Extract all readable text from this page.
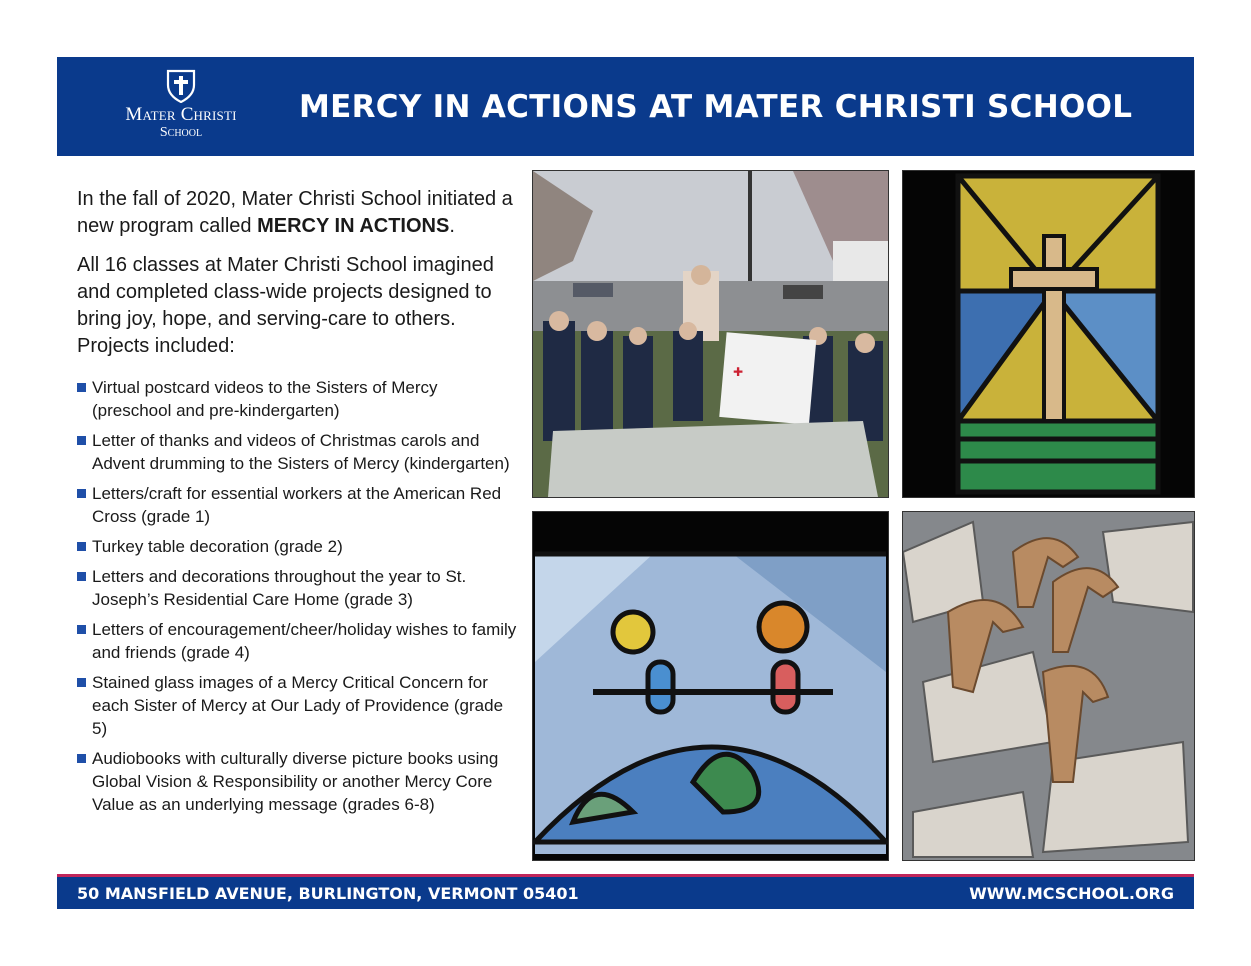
Mater Christi
School
MERCY IN ACTIONS AT MATER CHRISTI SCHOOL

In the fall of 2020, Mater Christi School initiated a new program called MERCY IN ACTIONS.

All 16 classes at Mater Christi School imagined and completed class-wide projects designed to bring joy, hope, and serving-care to others. Projects included:

Virtual postcard videos to the Sisters of Mercy (preschool and pre-kindergarten)
Letter of thanks and videos of Christmas carols and Advent drumming to the Sisters of Mercy (kindergarten)
Letters/craft for essential workers at the American Red Cross (grade 1)
Turkey table decoration (grade 2)
Letters and decorations throughout the year to St. Joseph’s Residential Care Home (grade 3)
Letters of encouragement/cheer/holiday wishes to family and friends (grade 4)
Stained glass images of a Mercy Critical Concern for each Sister of Mercy at Our Lady of Providence (grade 5)
Audiobooks with culturally diverse picture books using Global Vision & Responsibility or another Mercy Core Value as an underlying message (grades 6-8)
✚
50 MANSFIELD AVENUE, BURLINGTON, VERMONT 05401	WWW.MCSCHOOL.ORG
